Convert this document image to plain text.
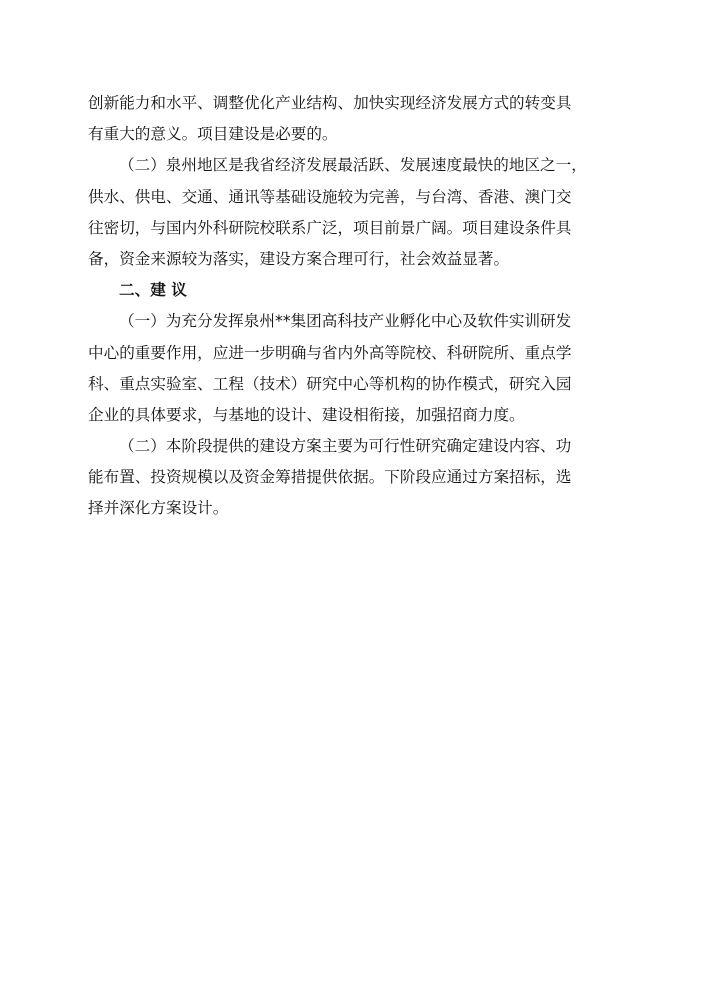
创新能力和水平、调整优化产业结构、加快实现经济发展方式的转变具
有重大的意义。项目建设是必要的。
（二）泉州地区是我省经济发展最活跃、发展速度最快的地区之一，
供水、供电、交通、通讯等基础设施较为完善，与台湾、香港、澳门交
往密切，与国内外科研院校联系广泛，项目前景广阔。项目建设条件具
备，资金来源较为落实，建设方案合理可行，社会效益显著。
二、建 议
（一）为充分发挥泉州**集团高科技产业孵化中心及软件实训研发
中心的重要作用，应进一步明确与省内外高等院校、科研院所、重点学
科、重点实验室、工程（技术）研究中心等机构的协作模式，研究入园
企业的具体要求，与基地的设计、建设相衔接，加强招商力度。
（二）本阶段提供的建设方案主要为可行性研究确定建设内容、功
能布置、投资规模以及资金筹措提供依据。下阶段应通过方案招标，选
择并深化方案设计。
